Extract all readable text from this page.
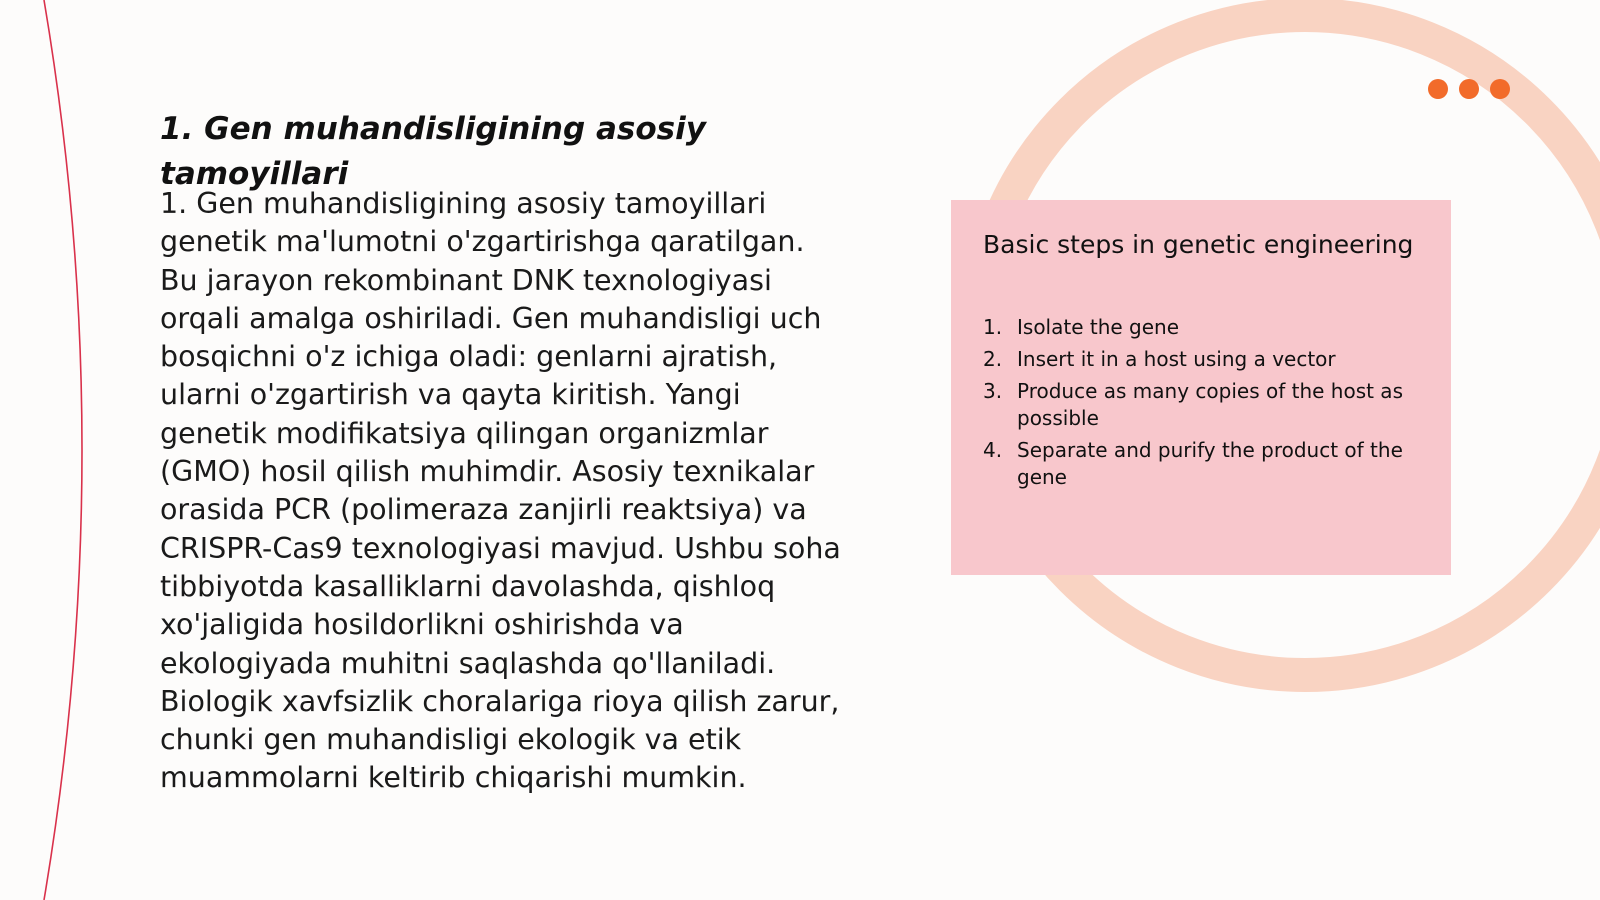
1. Gen muhandisligining asosiy tamoyillari

1. Gen muhandisligining asosiy tamoyillari genetik ma'lumotni o'zgartirishga qaratilgan. Bu jarayon rekombinant DNK texnologiyasi orqali amalga oshiriladi. Gen muhandisligi uch bosqichni o'z ichiga oladi: genlarni ajratish, ularni o'zgartirish va qayta kiritish. Yangi genetik modifikatsiya qilingan organizmlar (GMO) hosil qilish muhimdir. Asosiy texnikalar orasida PCR (polimeraza zanjirli reaktsiya) va CRISPR-Cas9 texnologiyasi mavjud. Ushbu soha tibbiyotda kasalliklarni davolashda, qishloq xo'jaligida hosildorlikni oshirishda va ekologiyada muhitni saqlashda qo'llaniladi. Biologik xavfsizlik choralariga rioya qilish zarur, chunki gen muhandisligi ekologik va etik muammolarni keltirib chiqarishi mumkin.

Basic steps in genetic engineering
1. Isolate the gene
2. Insert it in a host using a vector
3. Produce as many copies of the host as possible
4. Separate and purify the product of the gene
